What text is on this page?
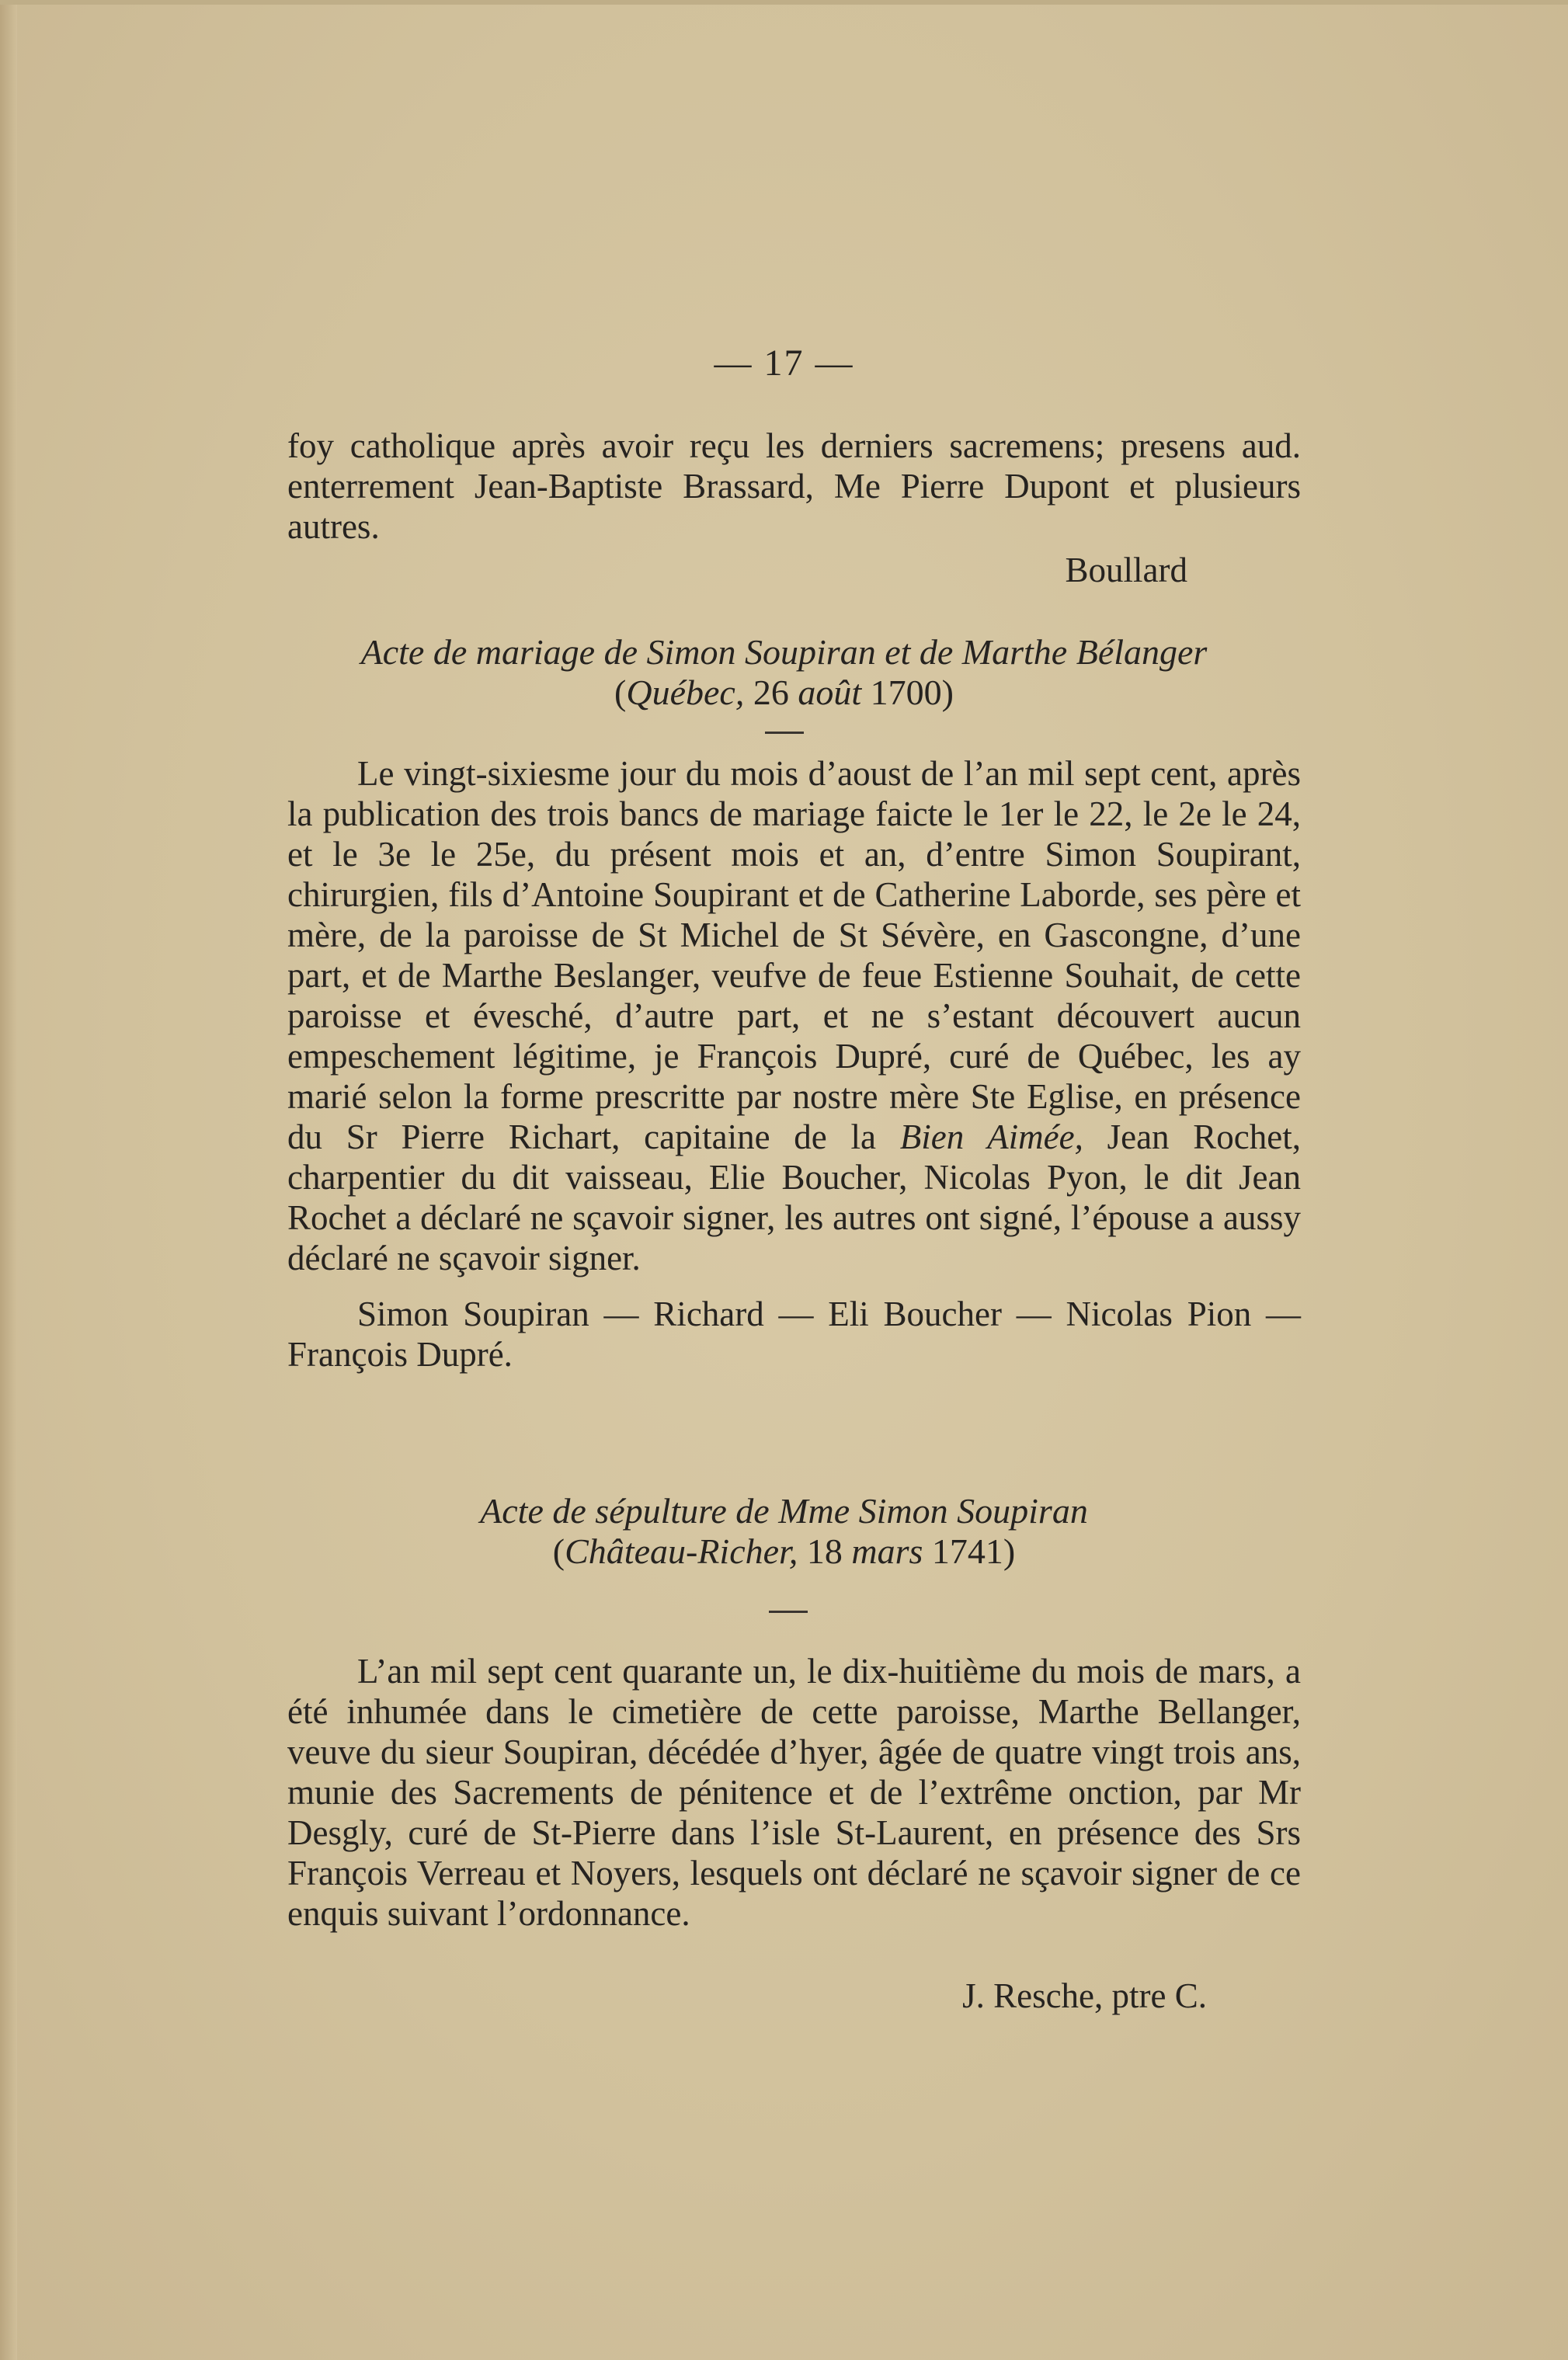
— 17 —

foy catholique après avoir reçu les derniers sacremens; presens aud. enterrement Jean-Baptiste Brassard, Me Pierre Dupont et plusieurs autres.

Boullard
Acte de mariage de Simon Soupiran et de Marthe Bélanger
(Québec, 26 août 1700)

Le vingt-sixiesme jour du mois d’aoust de l’an mil sept cent, après la publication des trois bancs de mariage faicte le 1er le 22, le 2e le 24, et le 3e le 25e, du présent mois et an, d’entre Simon Soupirant, chirurgien, fils d’Antoine Soupirant et de Catherine Laborde, ses père et mère, de la paroisse de St Michel de St Sévère, en Gascongne, d’une part, et de Marthe Beslanger, veufve de feue Estienne Souhait, de cette paroisse et évesché, d’autre part, et ne s’estant découvert aucun empeschement légitime, je François Dupré, curé de Québec, les ay marié selon la forme prescritte par nostre mère Ste Eglise, en présence du Sr Pierre Richart, capitaine de la Bien Aimée, Jean Rochet, charpentier du dit vaisseau, Elie Boucher, Nicolas Pyon, le dit Jean Rochet a déclaré ne sçavoir signer, les autres ont signé, l’épouse a aussy déclaré ne sçavoir signer.

Simon Soupiran — Richard — Eli Boucher — Nicolas Pion — François Dupré.

Acte de sépulture de Mme Simon Soupiran
(Château-Richer, 18 mars 1741)

L’an mil sept cent quarante un, le dix-huitième du mois de mars, a été inhumée dans le cimetière de cette paroisse, Marthe Bellanger, veuve du sieur Soupiran, décédée d’hyer, âgée de quatre vingt trois ans, munie des Sacrements de pénitence et de l’extrême onction, par Mr Desgly, curé de St-Pierre dans l’isle St-Laurent, en présence des Srs François Verreau et Noyers, lesquels ont déclaré ne sçavoir signer de ce enquis suivant l’ordonnance.

J. Resche, ptre C.
